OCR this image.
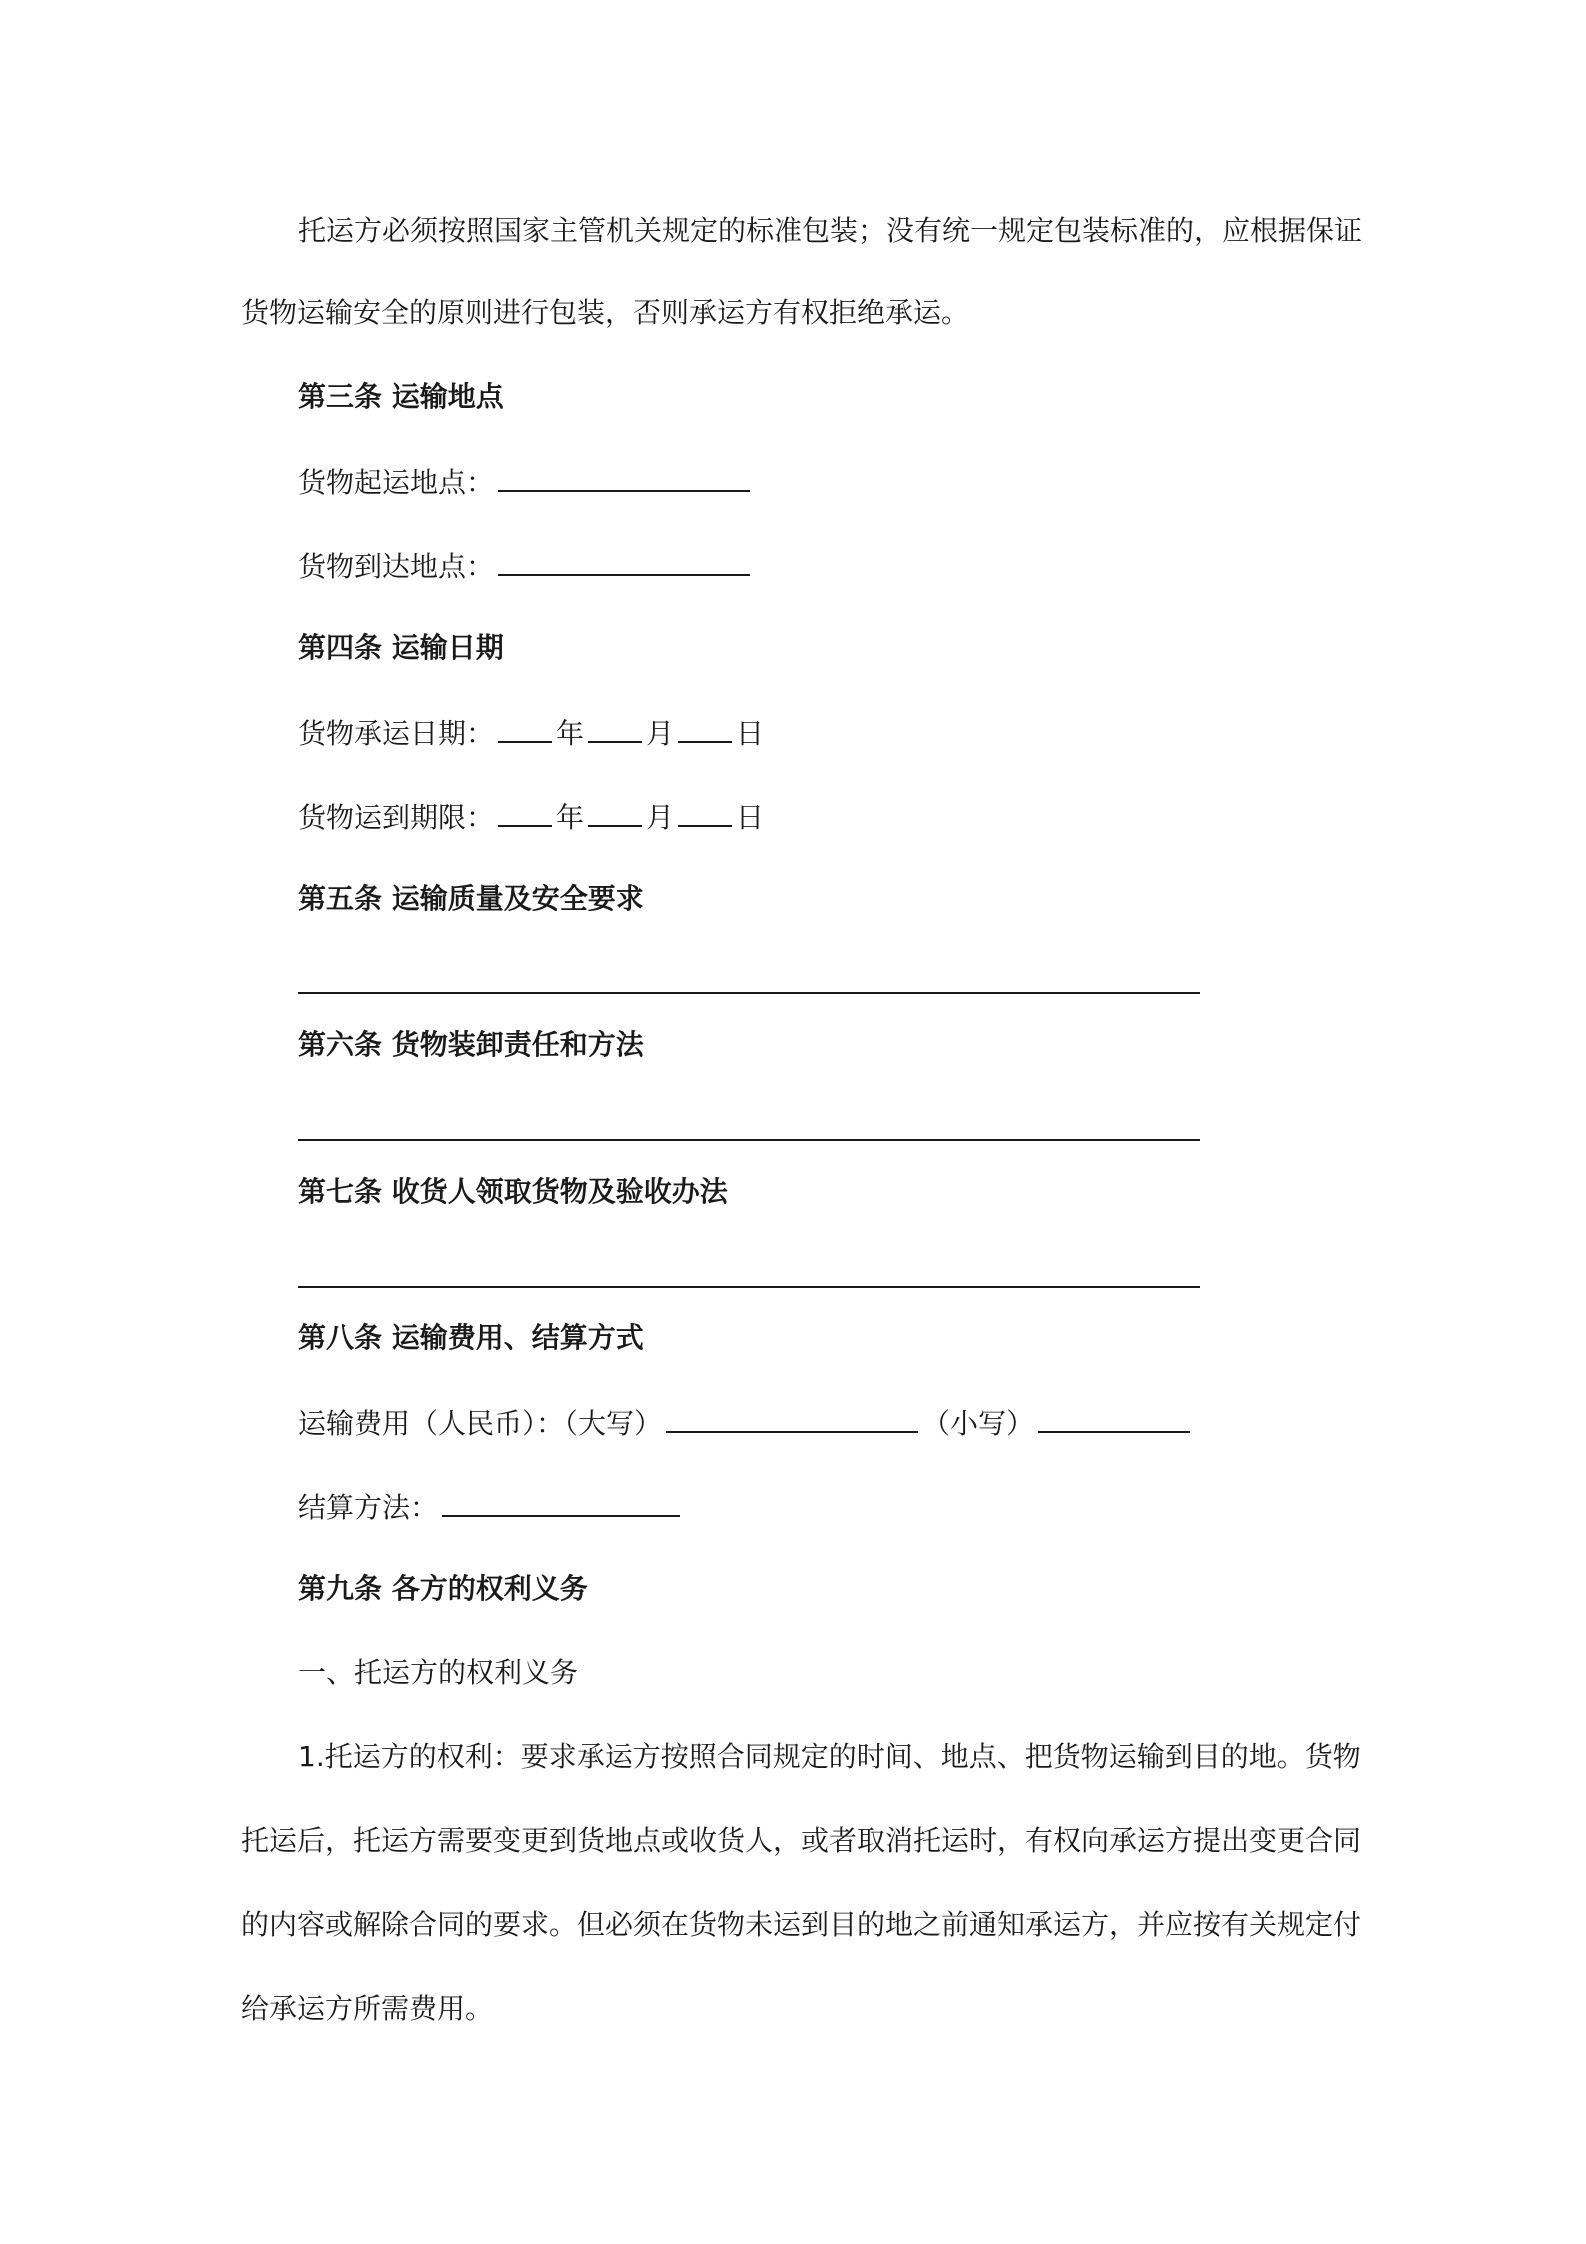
托运方必须按照国家主管机关规定的标准包装；没有统一规定包装标准的，应根据保证
货物运输安全的原则进行包装，否则承运方有权拒绝承运。
第三条 运输地点
货物起运地点：
货物到达地点：
第四条 运输日期
货物承运日期： 年 月 日
货物运到期限： 年 月 日
第五条 运输质量及安全要求
第六条 货物装卸责任和方法
第七条 收货人领取货物及验收办法
第八条 运输费用、结算方式
运输费用（人民币）：（大写）	（小写）
结算方法：
第九条 各方的权利义务
一、托运方的权利义务
1.托运方的权利：要求承运方按照合同规定的时间、地点、把货物运输到目的地。货物
托运后，托运方需要变更到货地点或收货人，或者取消托运时，有权向承运方提出变更合同
的内容或解除合同的要求。但必须在货物未运到目的地之前通知承运方，并应按有关规定付
给承运方所需费用。
